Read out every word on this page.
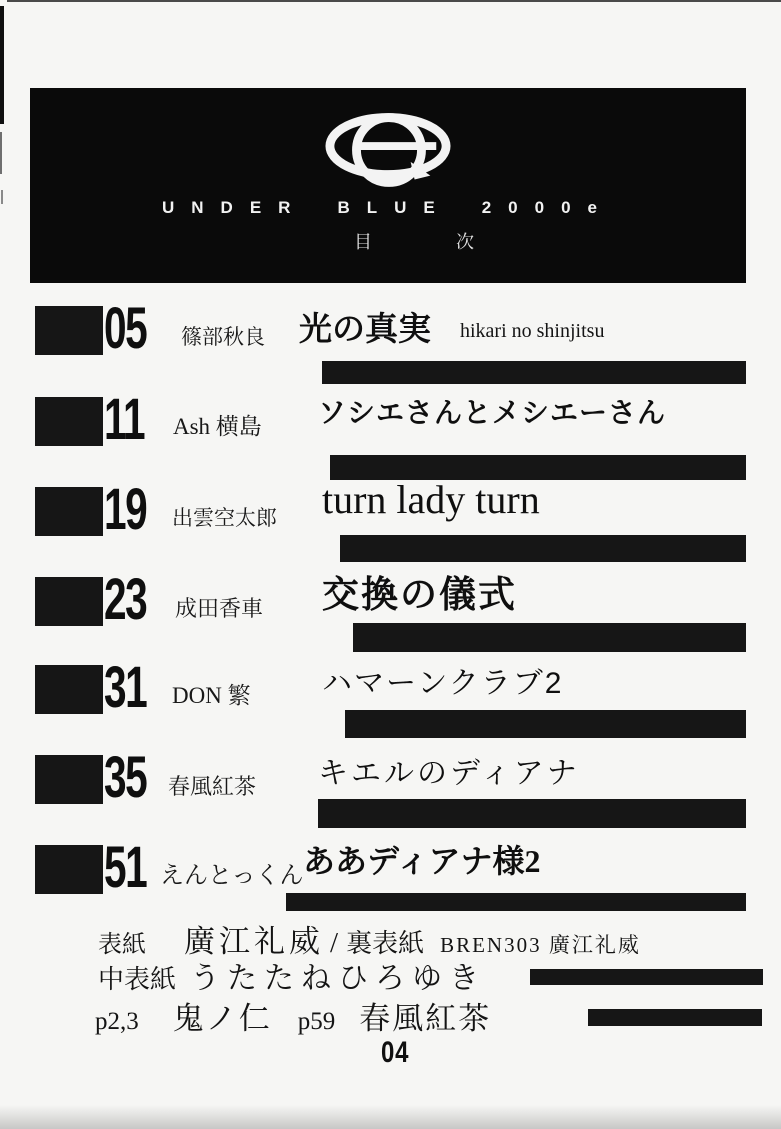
UNDER BLUE 2000e
目	次
05 篠部秋良 光の真実 hikari no shinjitsu
11 Ash 横島 ソシエさんとメシエーさん
19 出雲空太郎 turn lady turn
23 成田香車 交換の儀式
31 DON 繁 ハマーンクラブ2
35 春風紅茶 キエルのディアナ
51 えんとっくん ああディアナ様2
表紙 廣江礼威 / 裏表紙 BREN303 廣江礼威
中表紙 うたたねひろゆき
p2,3 鬼ノ仁 p59 春風紅茶
04
